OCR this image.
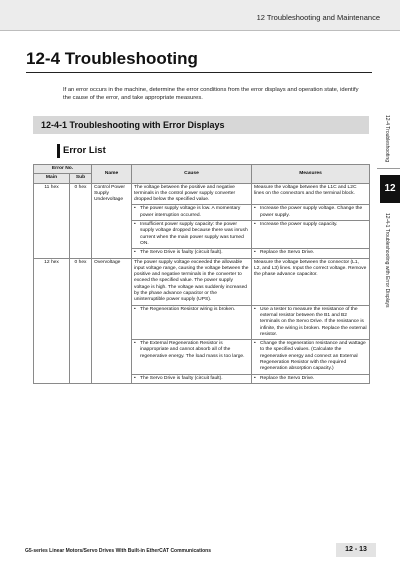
12 Troubleshooting and Maintenance
12-4 Troubleshooting
If an error occurs in the machine, determine the error conditions from the error displays and operation state, identify the cause of the error, and take appropriate measures.
12-4-1 Troubleshooting with Error Displays
Error List
Error No.		Name	Cause	Measures
Main	Sub			
11 hex	0 hex	Control Power Supply Undervoltage	The voltage between the positive and negative terminals in the control power supply converter dropped below the specified value.	Measure the voltage between the L1C and L2C lines on the connectors and the terminal block.

			• The power supply voltage is low. A momentary power interruption occurred.	• Increase the power supply voltage. Change the power supply.

			• Insufficient power supply capacity: the power supply voltage dropped because there was inrush current when the main power supply was turned ON.	• Increase the power supply capacity.

			• The Servo Drive is faulty (circuit fault).	• Replace the Servo Drive.

12 hex	0 hex	Overvoltage	The power supply voltage exceeded the allowable input voltage range, causing the voltage between the positive and negative terminals in the converter to exceed the specified value. The power supply voltage is high. The voltage was suddenly increased by the phase advance capacitor or the uninterruptible power supply (UPS).	Measure the voltage between the connector (L1, L2, and L3) lines. Input the correct voltage. Remove the phase advance capacitor.

			• The Regeneration Resistor wiring is broken.	• Use a tester to measure the resistance of the external resistor between the B1 and B2 terminals on the Servo Drive. If the resistance is infinite, the wiring is broken. Replace the external resistor.

			• The External Regeneration Resistor is inappropriate and cannot absorb all of the regenerative energy. The load mass is too large.	• Change the regeneration resistance and wattage to the specified values. (Calculate the regenerative energy and connect an External Regeneration Resistor with the required regeneration absorption capacity.)

			• The Servo Drive is faulty (circuit fault).	• Replace the Servo Drive.
12-4 Troubleshooting
12-4-1 Troubleshooting with Error Displays
12
G5-series Linear Motors/Servo Drives With Built-in EtherCAT Communications	12 - 13
